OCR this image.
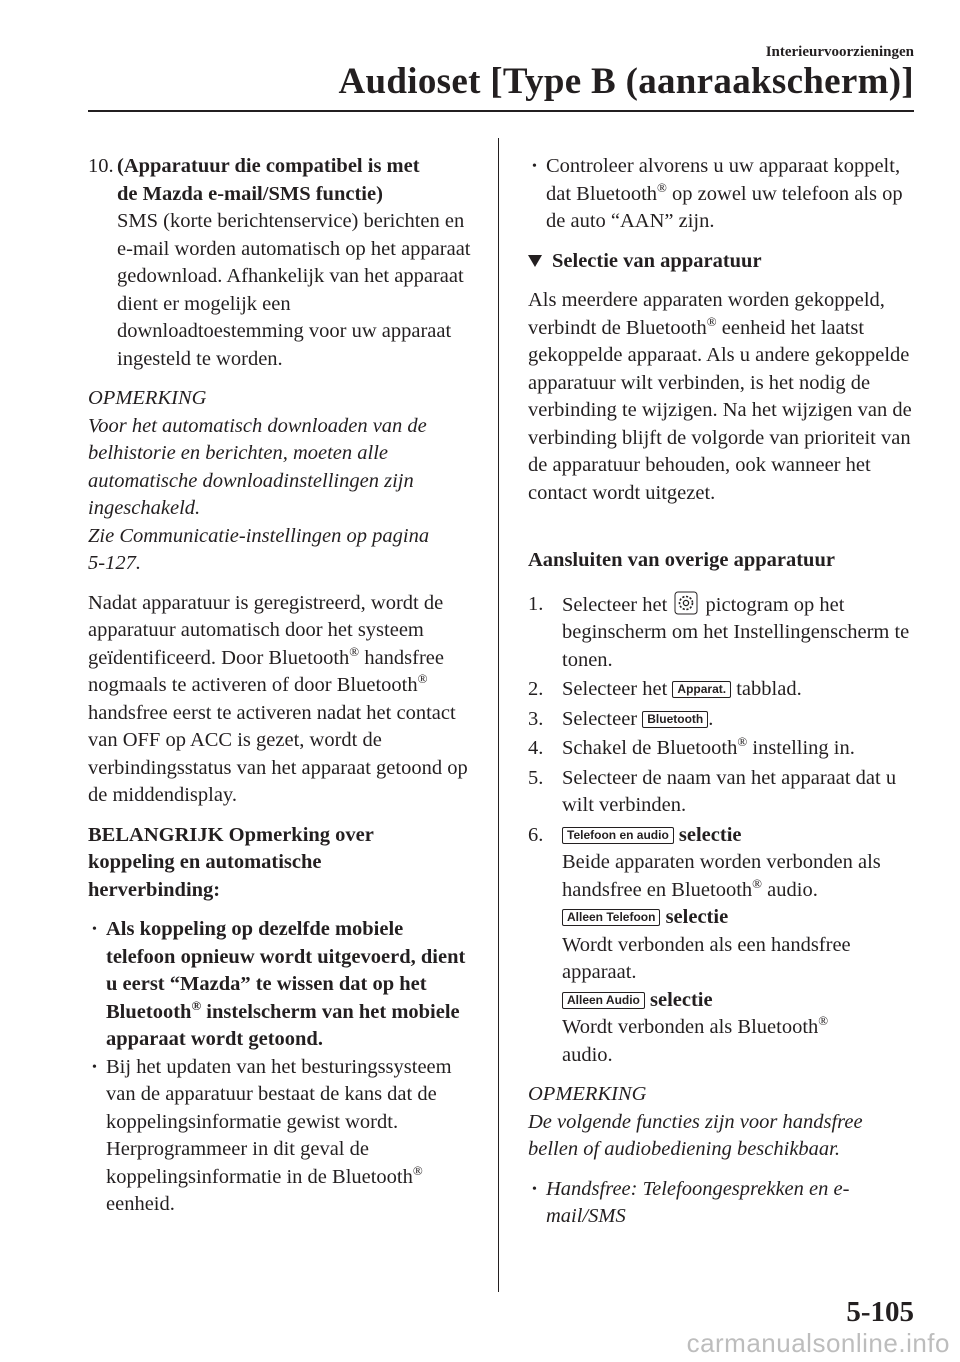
Interieurvoorzieningen
Audioset [Type B (aanraakscherm)]
10. (Apparatuur die compatibel is met
de Mazda e-mail/SMS functie)
SMS (korte berichtenservice) berichten en e-mail worden automatisch op het apparaat gedownload. Afhankelijk van het apparaat dient er mogelijk een downloadtoestemming voor uw apparaat ingesteld te worden.
OPMERKING
Voor het automatisch downloaden van de
belhistorie en berichten, moeten alle
automatische downloadinstellingen zijn
ingeschakeld.
Zie Communicatie-instellingen op pagina
5-127.

Nadat apparatuur is geregistreerd, wordt de apparatuur automatisch door het systeem geïdentificeerd. Door Bluetooth® handsfree nogmaals te activeren of door Bluetooth® handsfree eerst te activeren nadat het contact van OFF op ACC is gezet, wordt de verbindingsstatus van het apparaat getoond op de middendisplay.

BELANGRIJK Opmerking over koppeling en automatische herverbinding:

• Als koppeling op dezelfde mobiele telefoon opnieuw wordt uitgevoerd, dient u eerst “Mazda” te wissen dat op het Bluetooth® instelscherm van het mobiele apparaat wordt getoond.
• Bij het updaten van het besturingssysteem van de apparatuur bestaat de kans dat de koppelingsinformatie gewist wordt. Herprogrammeer in dit geval de koppelingsinformatie in de Bluetooth® eenheid.
• Controleer alvorens u uw apparaat koppelt, dat Bluetooth® op zowel uw telefoon als op de auto “AAN” zijn.
Selectie van apparatuur

Als meerdere apparaten worden gekoppeld, verbindt de Bluetooth® eenheid het laatst gekoppelde apparaat. Als u andere gekoppelde apparatuur wilt verbinden, is het nodig de verbinding te wijzigen. Na het wijzigen van de verbinding blijft de volgorde van prioriteit van de apparatuur behouden, ook wanneer het contact wordt uitgezet.

Aansluiten van overige apparatuur

1. Selecteer het pictogram op het beginscherm om het Instellingenscherm te tonen.
2. Selecteer het Apparat. tabblad.
3. Selecteer Bluetooth .
4. Schakel de Bluetooth® instelling in.
5. Selecteer de naam van het apparaat dat u wilt verbinden.
6.	Telefoon en audio selectie
Beide apparaten worden verbonden als handsfree en Bluetooth® audio.
Alleen Telefoon selectie
Wordt verbonden als een handsfree apparaat.
Alleen Audio selectie
Wordt verbonden als Bluetooth®
audio.
OPMERKING
De volgende functies zijn voor handsfree
bellen of audiobediening beschikbaar.
• Handsfree: Telefoongesprekken en e-mail/SMS
5-105
carmanualsonline.info
